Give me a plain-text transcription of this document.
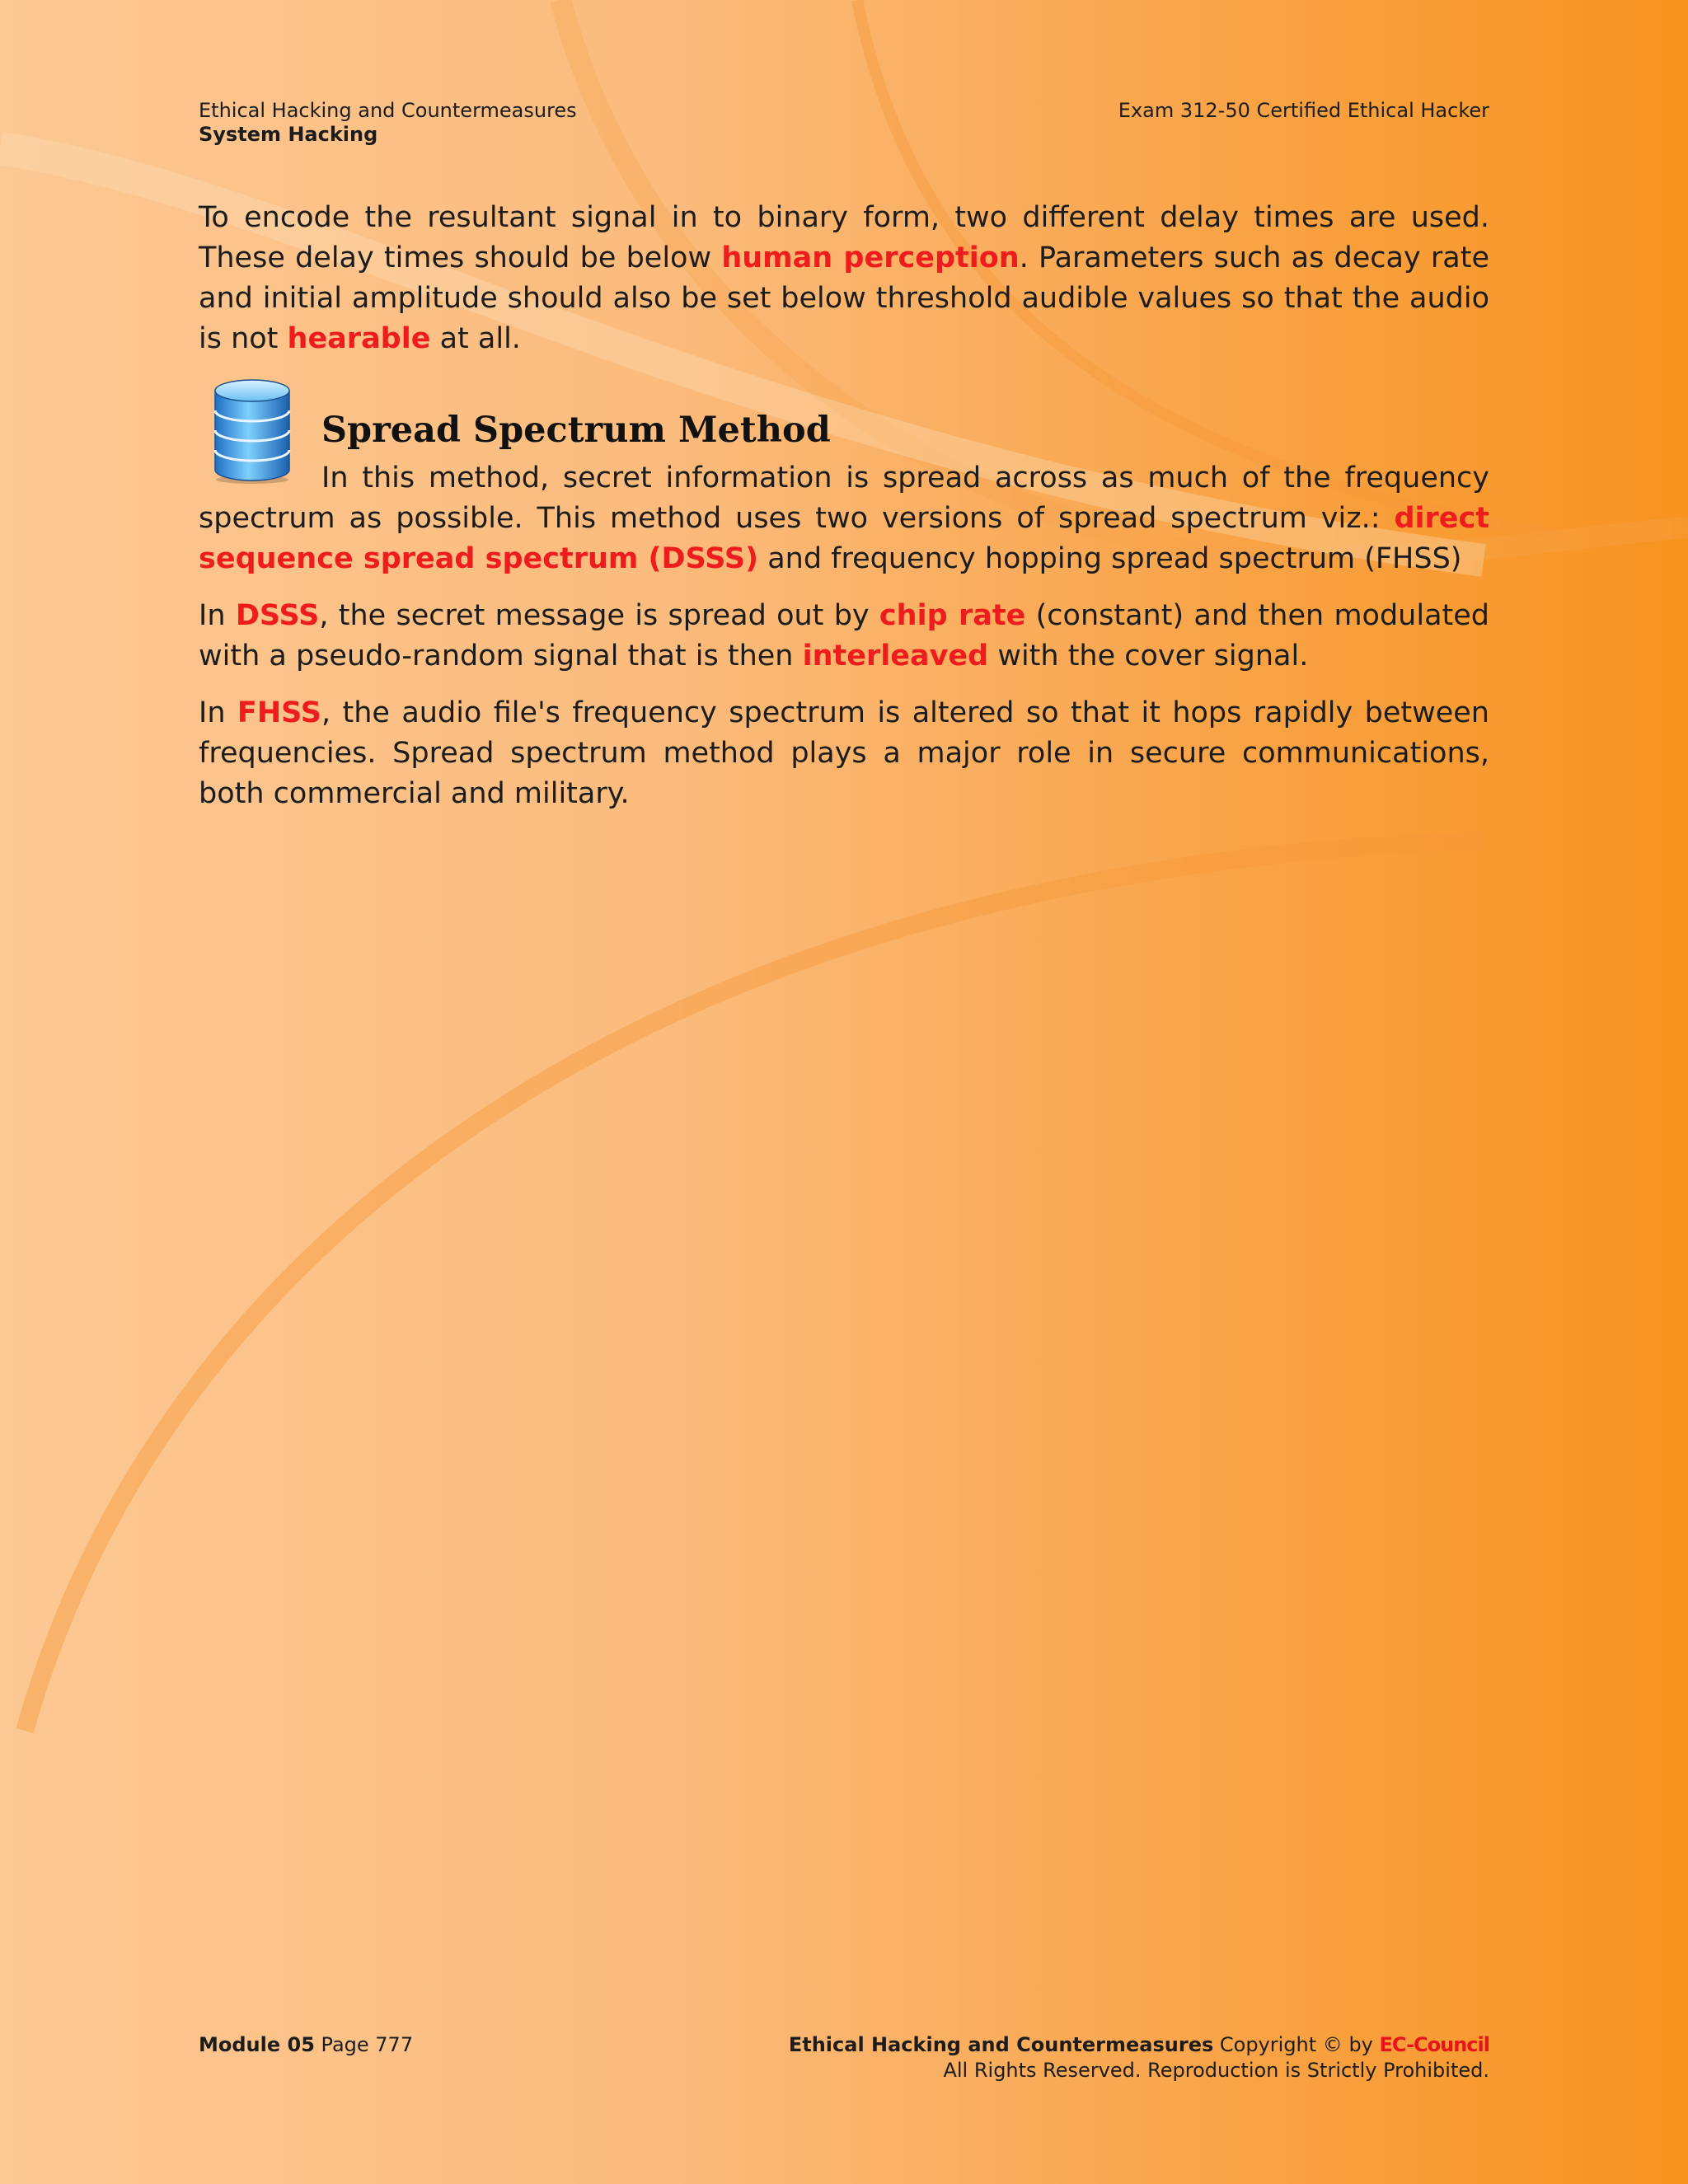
Ethical Hacking and Countermeasures
System Hacking
Exam 312-50 Certified Ethical Hacker

To encode the resultant signal in to binary form, two different delay times are used. These delay times should be below human perception. Parameters such as decay rate and initial amplitude should also be set below threshold audible values so that the audio is not hearable at all.

Spread Spectrum Method

In this method, secret information is spread across as much of the frequency spectrum as possible. This method uses two versions of spread spectrum viz.: direct sequence spread spectrum (DSSS) and frequency hopping spread spectrum (FHSS)

In DSSS, the secret message is spread out by chip rate (constant) and then modulated with a pseudo-random signal that is then interleaved with the cover signal.

In FHSS, the audio file's frequency spectrum is altered so that it hops rapidly between frequencies. Spread spectrum method plays a major role in secure communications, both commercial and military.

Module 05 Page 777	Ethical Hacking and Countermeasures Copyright © by EC-Council
All Rights Reserved. Reproduction is Strictly Prohibited.
